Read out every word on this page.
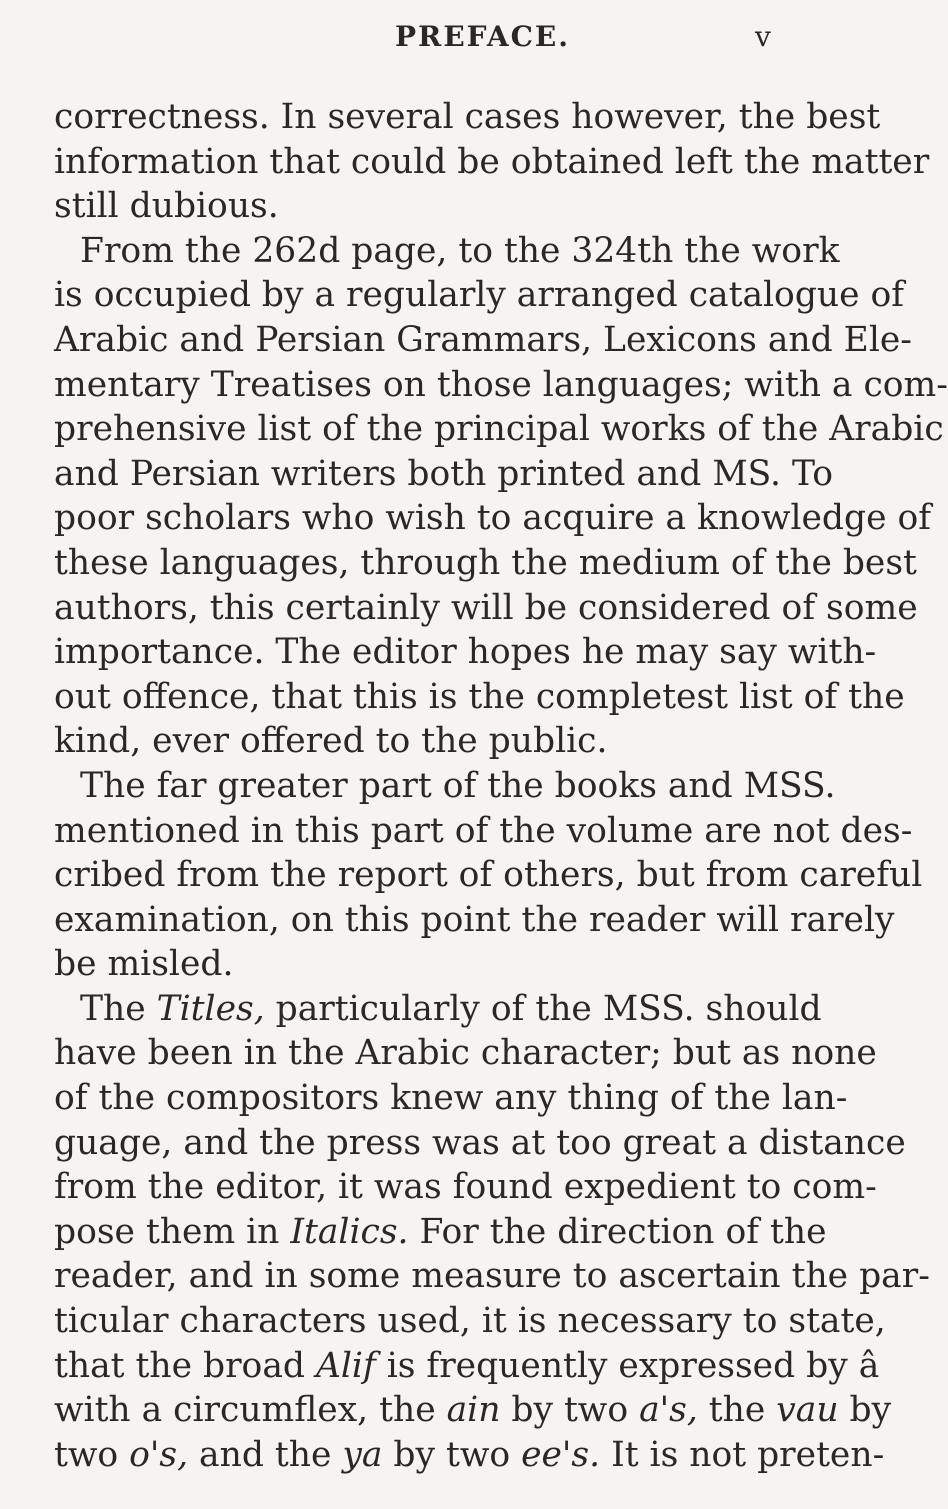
PREFACE.	v
correctness. In several cases however, the best
information that could be obtained left the matter
still dubious.
From the 262d page, to the 324th the work
is occupied by a regularly arranged catalogue of
Arabic and Persian Grammars, Lexicons and Ele-
mentary Treatises on those languages; with a com-
prehensive list of the principal works of the Arabic
and Persian writers both printed and MS. To
poor scholars who wish to acquire a knowledge of
these languages, through the medium of the best
authors, this certainly will be considered of some
importance. The editor hopes he may say with-
out offence, that this is the completest list of the
kind, ever offered to the public.
The far greater part of the books and MSS.
mentioned in this part of the volume are not des-
cribed from the report of others, but from careful
examination, on this point the reader will rarely
be misled.
The Titles, particularly of the MSS. should
have been in the Arabic character; but as none
of the compositors knew any thing of the lan-
guage, and the press was at too great a distance
from the editor, it was found expedient to com-
pose them in Italics. For the direction of the
reader, and in some measure to ascertain the par-
ticular characters used, it is necessary to state,
that the broad Alif is frequently expressed by â
with a circumflex, the ain by two a's, the vau by
two o's, and the ya by two ee's. It is not preten-
